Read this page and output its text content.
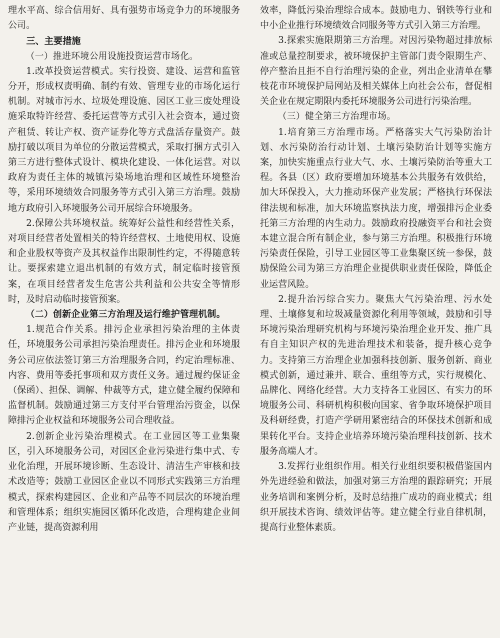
理水平高、综合信用好、具有强势市场竞争力的环境服务公司。

三、主要措施
（一）推进环境公用设施投资运营市场化。

1.改革投资运营模式。实行投资、建设、运营和监管分开，形成权责明确、制约有效、管理专业的市场化运行机制。对城市污水、垃圾处理设施、园区工业三废处理设施采取特许经营、委托运营等方式引入社会资本，通过资产租赁、转让产权、资产证券化等方式盘活存量资产。鼓励打破以项目为单位的分散运营模式，采取打捆方式引入第三方进行整体式设计、模块化建设、一体化运营。对以政府为责任主体的城镇污染场地治理和区域性环境整治等，采用环境绩效合同服务等方式引入第三方治理。鼓励地方政府引入环境服务公司开展综合环境服务。

2.保障公共环境权益。统筹好公益性和经营性关系，对项目经营者处置相关的特许经营权、土地使用权、设施和企业股权等资产及其权益作出限制性约定，不得随意转让。要探索建立退出机制的有效方式，制定临时接管预案，在项目经营者发生危害公共利益和公共安全等情形时，及时启动临时接管预案。

（二）创新企业第三方治理及运行维护管理机制。

1.规范合作关系。排污企业承担污染治理的主体责任，环境服务公司承担污染治理责任。排污企业和环境服务公司应依法签订第三方治理服务合同，约定治理标准、内容、费用等委托事项和双方责任义务。通过履约保证金（保函）、担保、调解、仲裁等方式，建立健全履约保障和监督机制。鼓励通过第三方支付平台管理治污资金，以保障排污企业权益和环境服务公司合理收益。

2.创新企业污染治理模式。在工业园区等工业集聚区，引入环境服务公司，对园区企业污染进行集中式、专业化治理，开展环境诊断、生态设计、清洁生产审核和技术改造等；鼓励工业园区企业以不同形式实践第三方治理模式，探索构建园区、企业和产品等不同层次的环境治理和管理体系；组织实施园区循环化改造，合理构建企业间产业链，提高资源利用

效率，降低污染治理综合成本。鼓励电力、钢铁等行业和中小企业推行环境绩效合同服务等方式引入第三方治理。

3.探索实施限期第三方治理。对因污染物超过排放标准或总量控制要求，被环境保护主管部门责令限期生产、停产整治且拒不自行治理污染的企业，列出企业清单在攀枝花市环境保护局网站及相关媒体上向社会公布，督促相关企业在规定期限内委托环境服务公司进行污染治理。

（三）健全第三方治理市场。

1.培育第三方治理市场。严格落实大气污染防治计划、水污染防治行动计划、土壤污染防治计划等实施方案，加快实施重点行业大气、水、土壤污染防治等重大工程。各县（区）政府要增加环境基本公共服务有效供给，加大环保投入，大力推动环保产业发展；严格执行环保法律法规和标准，加大环境监察执法力度，增强排污企业委托第三方治理的内生动力。鼓励政府投融资平台和社会资本建立混合所有制企业，参与第三方治理。积极推行环境污染责任保险，引导工业园区等工业集聚区统一参保，鼓励保险公司为第三方治理企业提供职业责任保险，降低企业运营风险。

2.提升治污综合实力。聚焦大气污染治理、污水处理、土壤修复和垃圾减量资源化利用等领域，鼓励和引导环境污染治理研究机构与环境污染治理企业开发、推广具有自主知识产权的先进治理技术和装备，提升核心竞争力。支持第三方治理企业加强科技创新、服务创新、商业模式创新，通过兼并、联合、重组等方式，实行规模化、品牌化、网络化经营。大力支持各工业园区、有实力的环境服务公司、科研机构积极向国家、省争取环境保护项目及科研经费，打造产学研用紧密结合的环保技术创新和成果转化平台。支持企业培养环境污染治理科技创新、技术服务高端人才。

3.发挥行业组织作用。相关行业组织要积极借鉴国内外先进经验和做法，加强对第三方治理的跟踪研究；开展业务培训和案例分析，及时总结推广成功的商业模式；组织开展技术咨询、绩效评估等。建立健全行业自律机制，提高行业整体素质。
